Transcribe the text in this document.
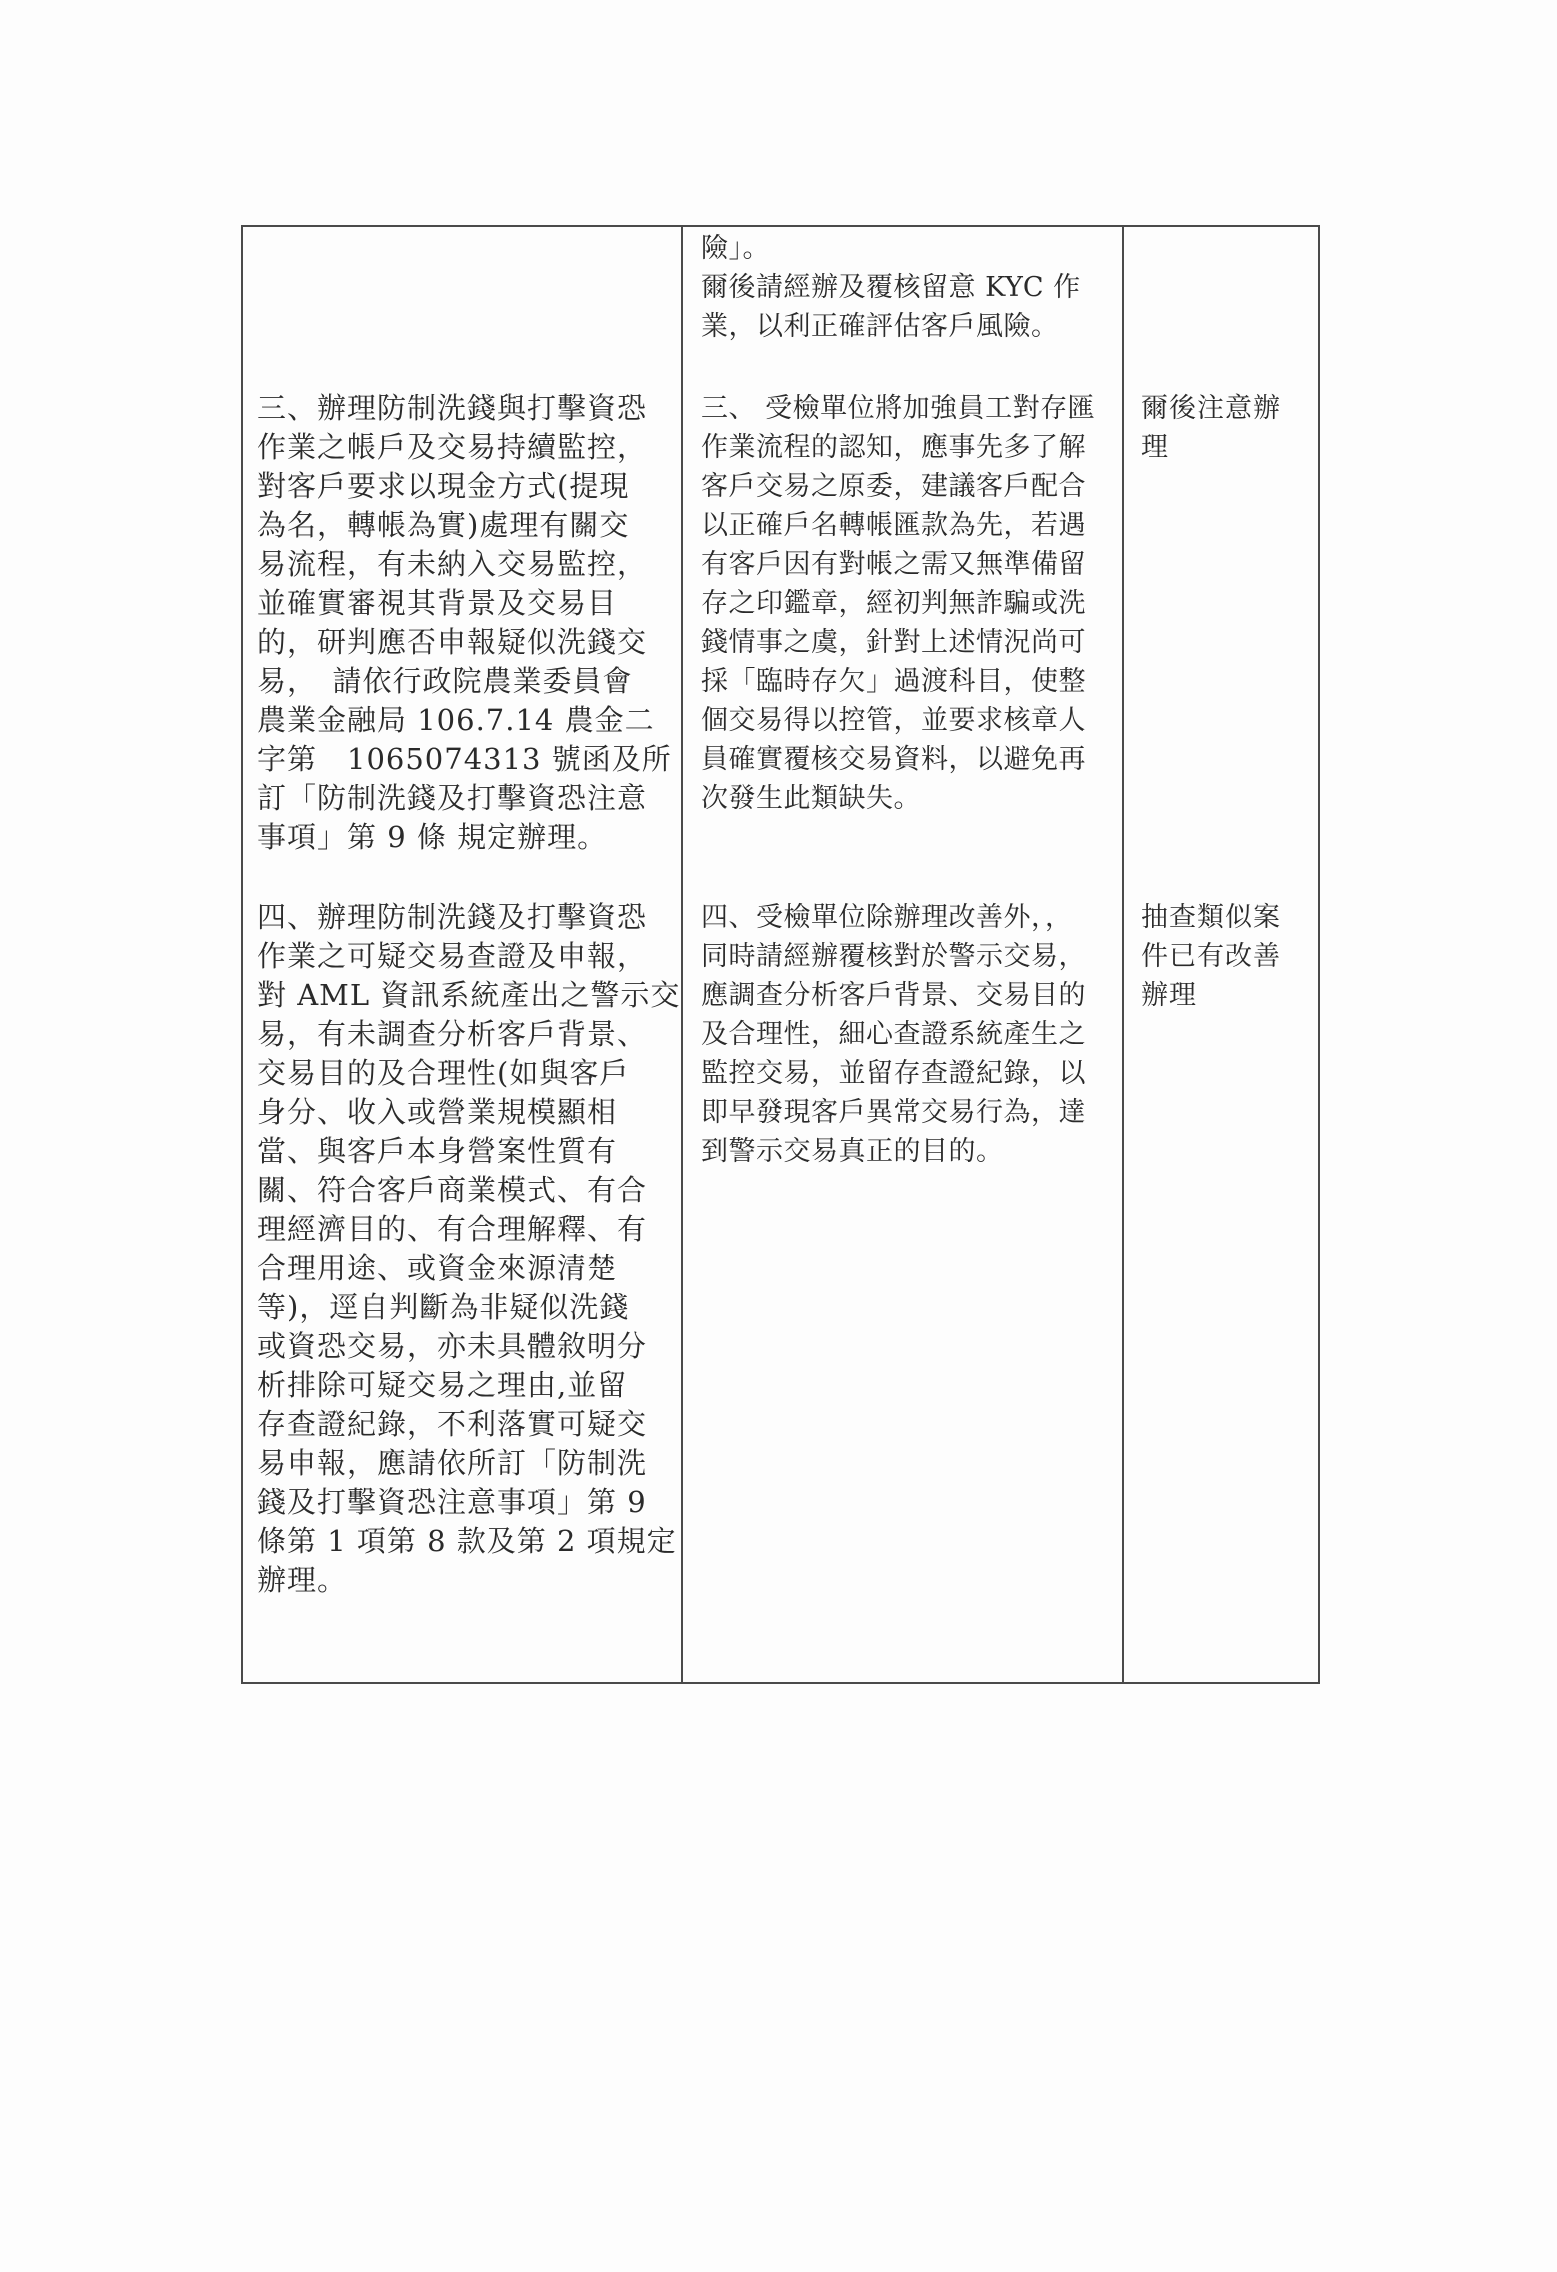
險」。
爾後請經辦及覆核留意 KYC 作
業，以利正確評估客戶風險。
三、辦理防制洗錢與打擊資恐
作業之帳戶及交易持續監控，
對客戶要求以現金方式(提現
為名，轉帳為實)處理有關交
易流程，有未納入交易監控，
並確實審視其背景及交易目
的，研判應否申報疑似洗錢交
易，　請依行政院農業委員會
農業金融局 106.7.14 農金二
字第　1065074313 號函及所
訂「防制洗錢及打擊資恐注意
事項」第 9 條 規定辦理。
三、 受檢單位將加強員工對存匯
作業流程的認知，應事先多了解
客戶交易之原委，建議客戶配合
以正確戶名轉帳匯款為先，若遇
有客戶因有對帳之需又無準備留
存之印鑑章，經初判無詐騙或洗
錢情事之虞，針對上述情況尚可
採「臨時存欠」過渡科目，使整
個交易得以控管，並要求核章人
員確實覆核交易資料，以避免再
次發生此類缺失。
爾後注意辦
理
四、辦理防制洗錢及打擊資恐
作業之可疑交易查證及申報，
對 AML 資訊系統產出之警示交
易，有未調查分析客戶背景、
交易目的及合理性(如與客戶
身分、收入或營業規模顯相
當、與客戶本身營案性質有
關、符合客戶商業模式、有合
理經濟目的、有合理解釋、有
合理用途、或資金來源清楚
等)，逕自判斷為非疑似洗錢
或資恐交易，亦未具體敘明分
析排除可疑交易之理由,並留
存查證紀錄，不利落實可疑交
易申報，應請依所訂「防制洗
錢及打擊資恐注意事項」第 9
條第 1 項第 8 款及第 2 項規定
辦理。
四、受檢單位除辦理改善外，，
同時請經辦覆核對於警示交易，
應調查分析客戶背景、交易目的
及合理性，細心查證系統產生之
監控交易，並留存查證紀錄，以
即早發現客戶異常交易行為，達
到警示交易真正的目的。
抽查類似案
件已有改善
辦理
